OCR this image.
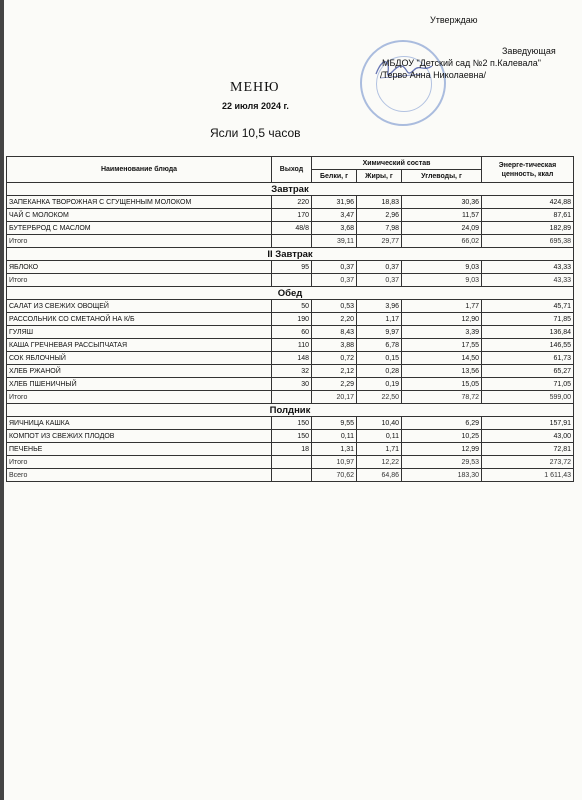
Утверждаю
Заведующая
МБДОУ "Детский сад №2 п.Калевала"
/Терво Анна Николаевна/
МЕНЮ
22 июля 2024 г.
Ясли 10,5 часов
Наименование блюда	Выход	Химический состав			Энерге-тическая ценность, ккал
		Белки, г	Жиры, г	Углеводы, г	
Завтрак					
ЗАПЕКАНКА ТВОРОЖНАЯ С СГУЩЕННЫМ МОЛОКОМ	220	31,96	18,83	30,36	424,88
ЧАЙ С МОЛОКОМ	170	3,47	2,96	11,57	87,61
БУТЕРБРОД С МАСЛОМ	48/8	3,68	7,98	24,09	182,89
Итого		39,11	29,77	66,02	695,38
II Завтрак					
ЯБЛОКО	95	0,37	0,37	9,03	43,33
Итого		0,37	0,37	9,03	43,33
Обед					
САЛАТ ИЗ СВЕЖИХ ОВОЩЕЙ	50	0,53	3,96	1,77	45,71
РАССОЛЬНИК СО СМЕТАНОЙ НА К/Б	190	2,20	1,17	12,90	71,85
ГУЛЯШ	60	8,43	9,97	3,39	136,84
КАША ГРЕЧНЕВАЯ РАССЫПЧАТАЯ	110	3,88	6,78	17,55	146,55
СОК ЯБЛОЧНЫЙ	148	0,72	0,15	14,50	61,73
ХЛЕБ РЖАНОЙ	32	2,12	0,28	13,56	65,27
ХЛЕБ ПШЕНИЧНЫЙ	30	2,29	0,19	15,05	71,05
Итого		20,17	22,50	78,72	599,00
Полдник					
ЯИЧНИЦА КАШКА	150	9,55	10,40	6,29	157,91
КОМПОТ ИЗ СВЕЖИХ ПЛОДОВ	150	0,11	0,11	10,25	43,00
ПЕЧЕНЬЕ	18	1,31	1,71	12,99	72,81
Итого		10,97	12,22	29,53	273,72
Всего		70,62	64,86	183,30	1 611,43
